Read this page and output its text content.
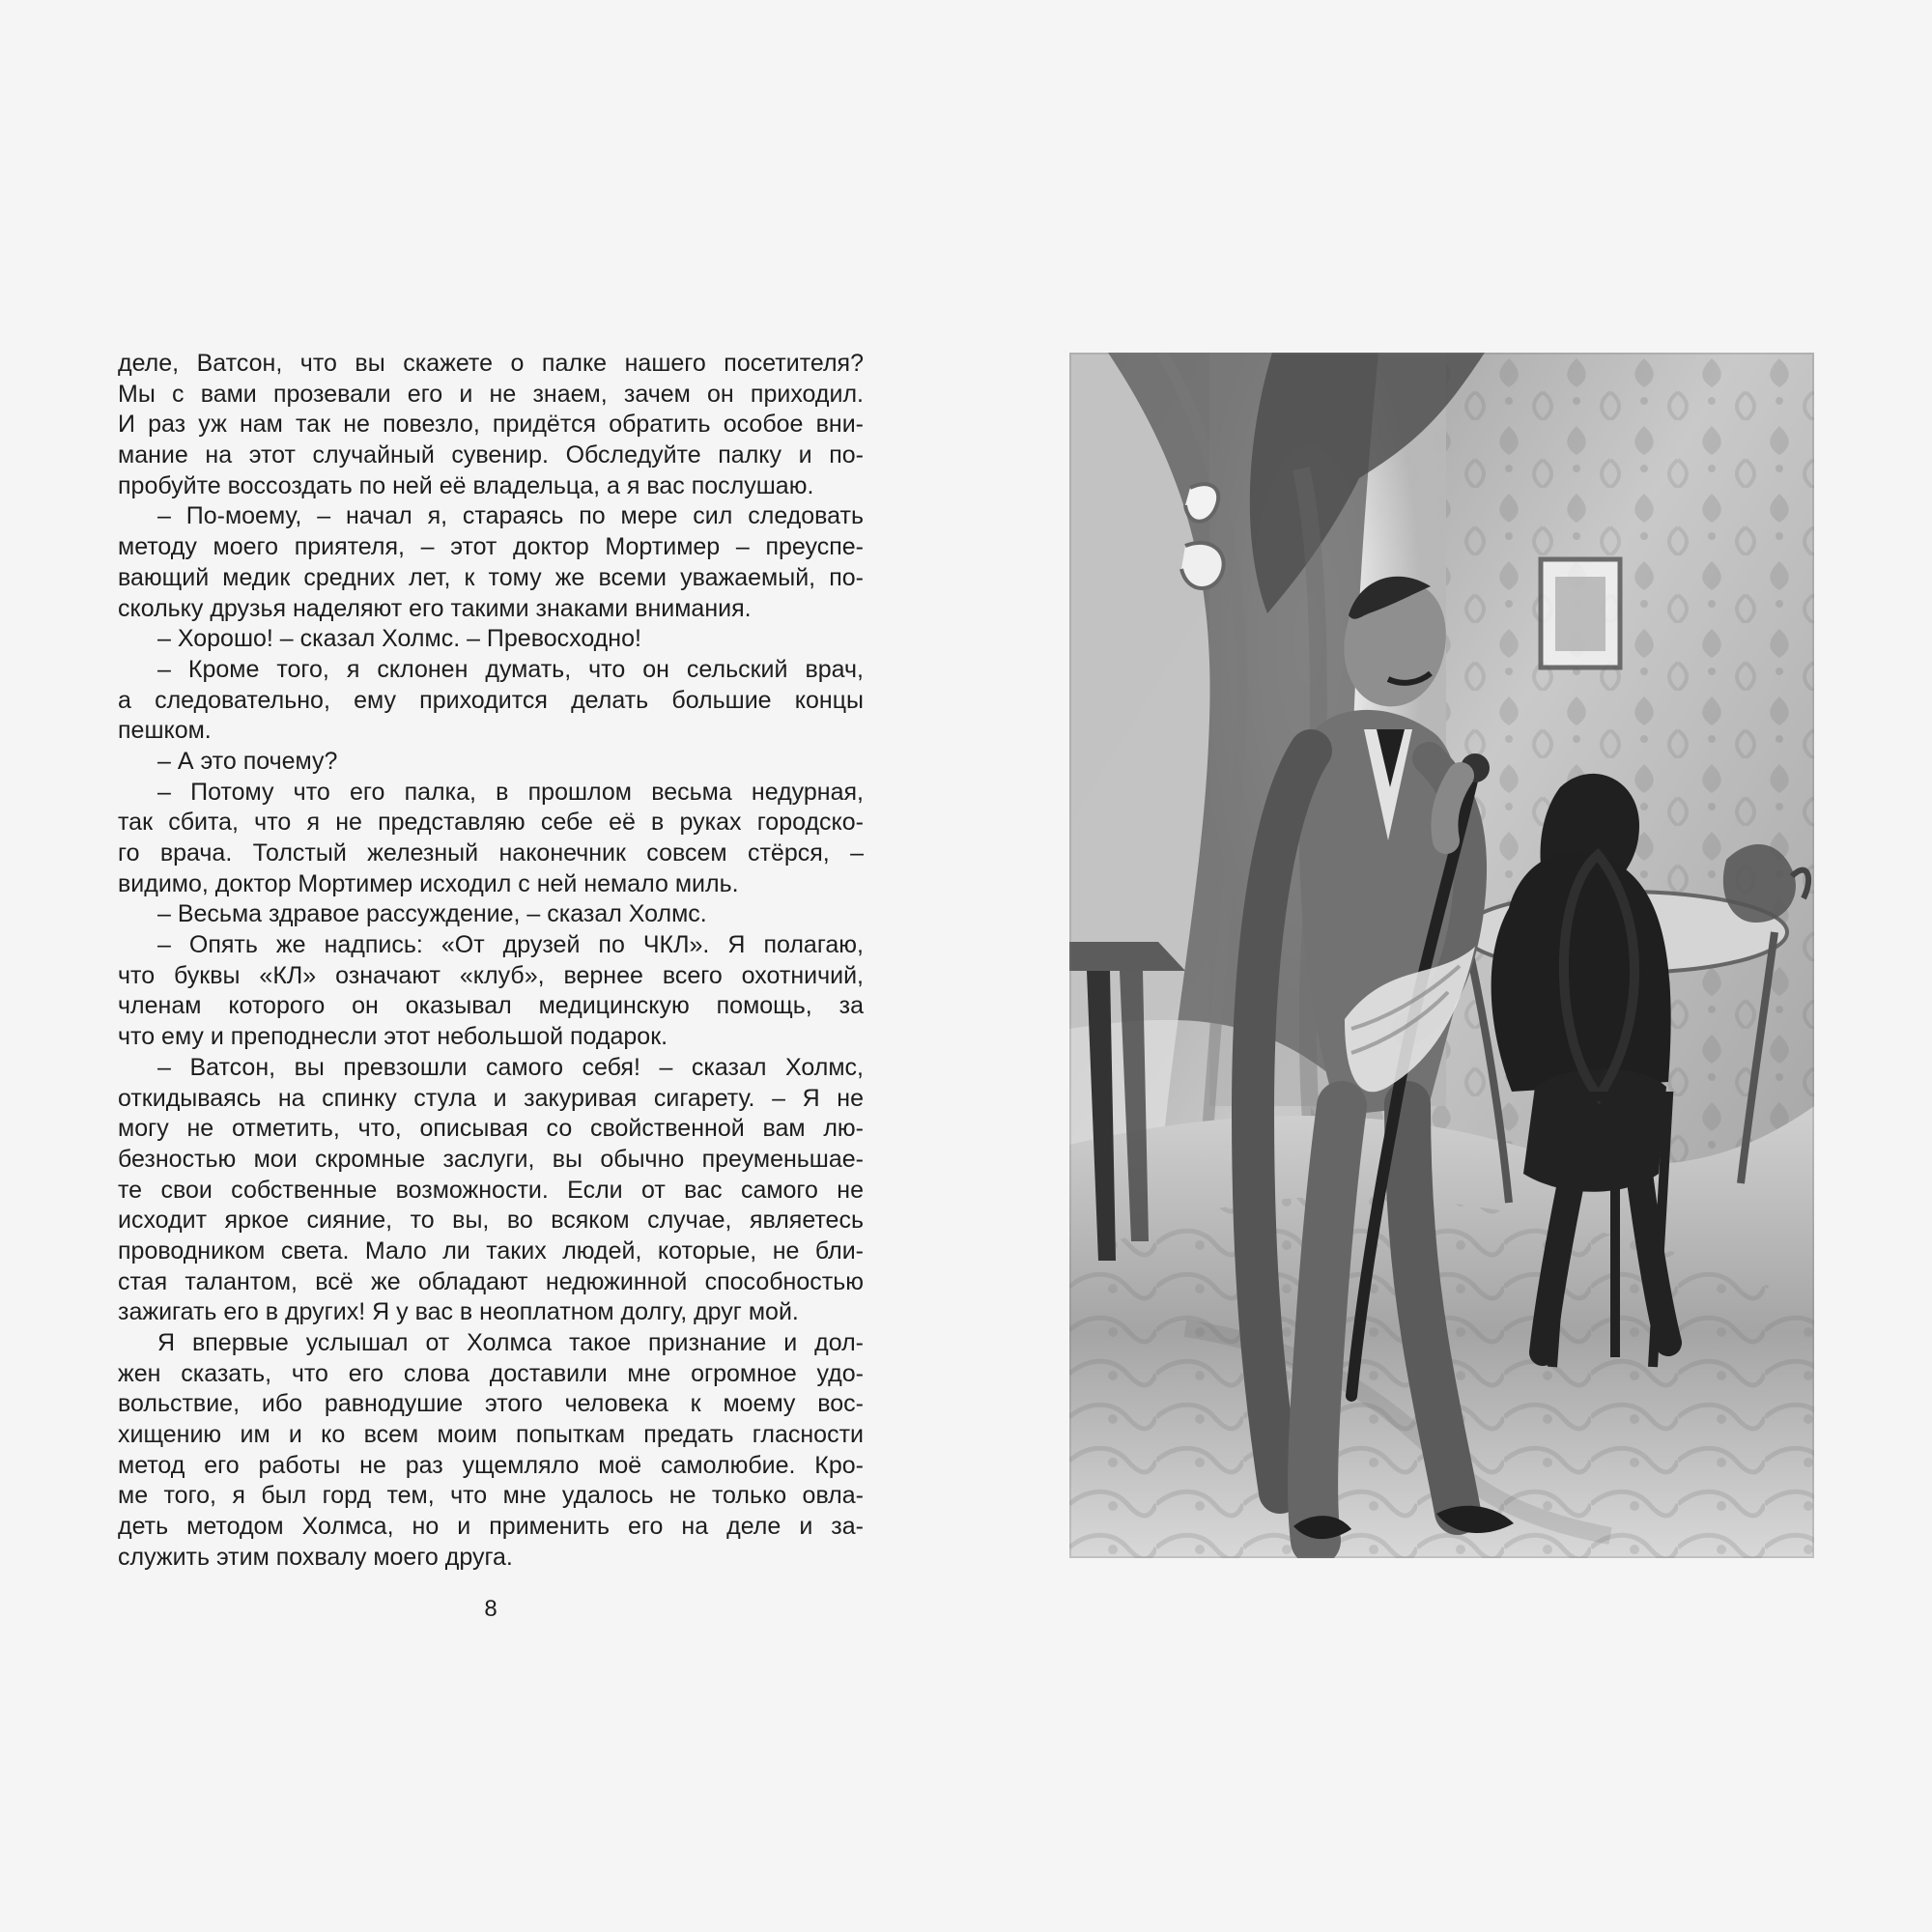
деле, Ватсон, что вы скажете о палке нашего посетителя?
Мы с вами прозевали его и не знаем, зачем он приходил.
И раз уж нам так не повезло, придётся обратить особое вни-
мание на этот случайный сувенир. Обследуйте палку и по-
пробуйте воссоздать по ней её владельца, а я вас послушаю.
– По-моему, – начал я, стараясь по мере сил следовать
методу моего приятеля, – этот доктор Мортимер – преуспе-
вающий медик средних лет, к тому же всеми уважаемый, по-
скольку друзья наделяют его такими знаками внимания.
– Хорошо! – сказал Холмс. – Превосходно!
– Кроме того, я склонен думать, что он сельский врач,
а следовательно, ему приходится делать большие концы
пешком.
– А это почему?
– Потому что его палка, в прошлом весьма недурная,
так сбита, что я не представляю себе её в руках городско-
го врача. Толстый железный наконечник совсем стёрся, –
видимо, доктор Мортимер исходил с ней немало миль.
– Весьма здравое рассуждение, – сказал Холмс.
– Опять же надпись: «От друзей по ЧКЛ». Я полагаю,
что буквы «КЛ» означают «клуб», вернее всего охотничий,
членам которого он оказывал медицинскую помощь, за
что ему и преподнесли этот небольшой подарок.
– Ватсон, вы превзошли самого себя! – сказал Холмс,
откидываясь на спинку стула и закуривая сигарету. – Я не
могу не отметить, что, описывая со свойственной вам лю-
безностью мои скромные заслуги, вы обычно преуменьшае-
те свои собственные возможности. Если от вас самого не
исходит яркое сияние, то вы, во всяком случае, являетесь
проводником света. Мало ли таких людей, которые, не бли-
стая талантом, всё же обладают недюжинной способностью
зажигать его в других! Я у вас в неоплатном долгу, друг мой.
Я впервые услышал от Холмса такое признание и дол-
жен сказать, что его слова доставили мне огромное удо-
вольствие, ибо равнодушие этого человека к моему вос-
хищению им и ко всем моим попыткам предать гласности
метод его работы не раз ущемляло моё самолюбие. Кро-
ме того, я был горд тем, что мне удалось не только овла-
деть методом Холмса, но и применить его на деле и за-
служить этим похвалу моего друга.
8
